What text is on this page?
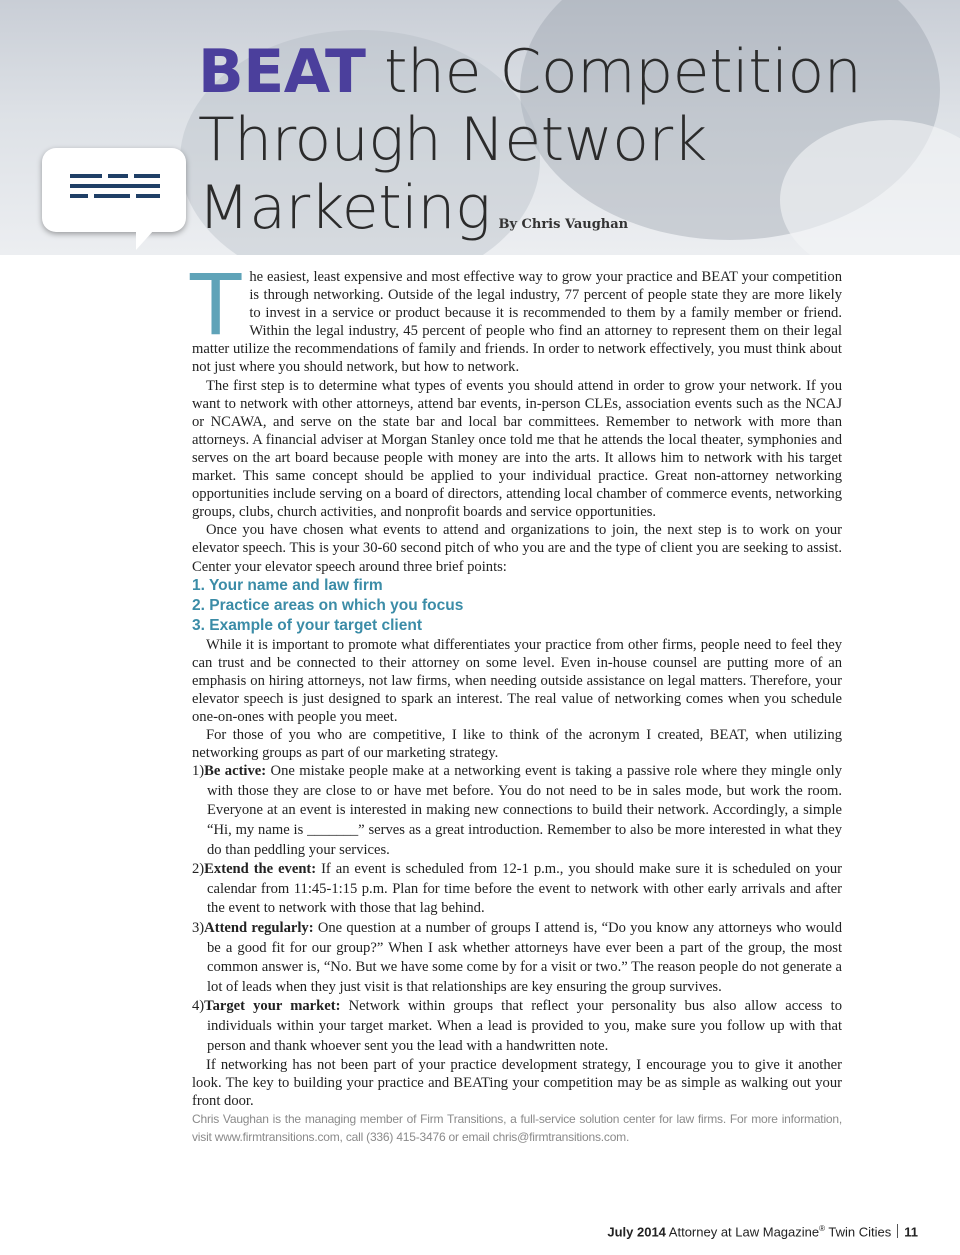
BEAT the Competition
Through Network
Marketing By Chris Vaughan

The easiest, least expensive and most effective way to grow your practice and BEAT your competition is through networking. Outside of the legal industry, 77 percent of people state they are more likely to invest in a service or product because it is recommended to them by a family member or friend. Within the legal industry, 45 percent of people who find an attorney to represent them on their legal matter utilize the recommendations of family and friends. In order to network effectively, you must think about not just where you should network, but how to network.

The first step is to determine what types of events you should attend in order to grow your network. If you want to network with other attorneys, attend bar events, in-person CLEs, association events such as the NCAJ or NCAWA, and serve on the state bar and local bar committees. Remember to network with more than attorneys. A financial adviser at Morgan Stanley once told me that he attends the local theater, symphonies and serves on the art board because people with money are into the arts. It allows him to network with his target market. This same concept should be applied to your individual practice. Great non-attorney networking opportunities include serving on a board of directors, attending local chamber of commerce events, networking groups, clubs, church activities, and nonprofit boards and service opportunities.

Once you have chosen what events to attend and organizations to join, the next step is to work on your elevator speech. This is your 30-60 second pitch of who you are and the type of client you are seeking to assist. Center your elevator speech around three brief points:

1. Your name and law firm
2. Practice areas on which you focus
3. Example of your target client

While it is important to promote what differentiates your practice from other firms, people need to feel they can trust and be connected to their attorney on some level. Even in-house counsel are putting more of an emphasis on hiring attorneys, not law firms, when needing outside assistance on legal matters. Therefore, your elevator speech is just designed to spark an interest. The real value of networking comes when you schedule one-on-ones with people you meet.

For those of you who are competitive, I like to think of the acronym I created, BEAT, when utilizing networking groups as part of our marketing strategy.

1)Be active: One mistake people make at a networking event is taking a passive role where they mingle only with those they are close to or have met before. You do not need to be in sales mode, but work the room. Everyone at an event is interested in making new connections to build their network. Accordingly, a simple “Hi, my name is _______” serves as a great introduction. Remember to also be more interested in what they do than peddling your services.
2)Extend the event: If an event is scheduled from 12-1 p.m., you should make sure it is scheduled on your calendar from 11:45-1:15 p.m. Plan for time before the event to network with other early arrivals and after the event to network with those that lag behind.
3)Attend regularly: One question at a number of groups I attend is, “Do you know any attorneys who would be a good fit for our group?” When I ask whether attorneys have ever been a part of the group, the most common answer is, “No. But we have some come by for a visit or two.” The reason people do not generate a lot of leads when they just visit is that relationships are key ensuring the group survives.
4)Target your market: Network within groups that reflect your personality bus also allow access to individuals within your target market. When a lead is provided to you, make sure you follow up with that person and thank whoever sent you the lead with a handwritten note.

If networking has not been part of your practice development strategy, I encourage you to give it another look. The key to building your practice and BEATing your competition may be as simple as walking out your front door.

Chris Vaughan is the managing member of Firm Transitions, a full-service solution center for law firms. For more information, visit www.firmtransitions.com, call (336) 415-3476 or email chris@firmtransitions.com.

July 2014 Attorney at Law Magazine® Twin Cities 11
